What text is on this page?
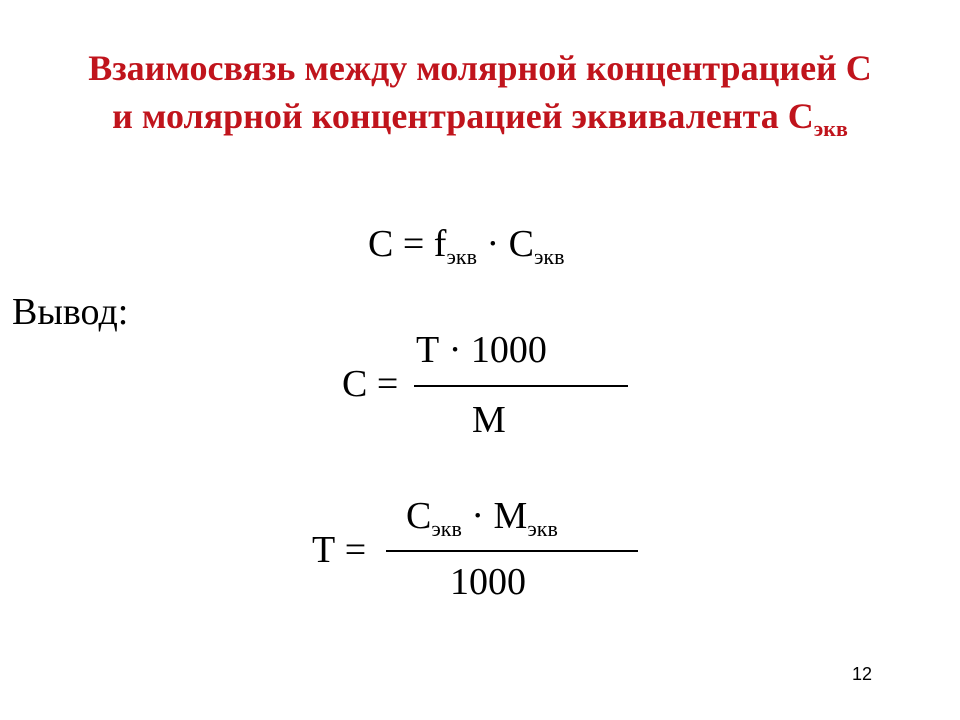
Взаимосвязь между молярной концентрацией С
и молярной концентрацией эквивалента $С_{экв}$
$С = f_{экв} \cdot С_{экв}$
Вывод:
С =
Т · 1000
М
Т =
$С_{экв} \cdot М_{экв}$
1000
12
